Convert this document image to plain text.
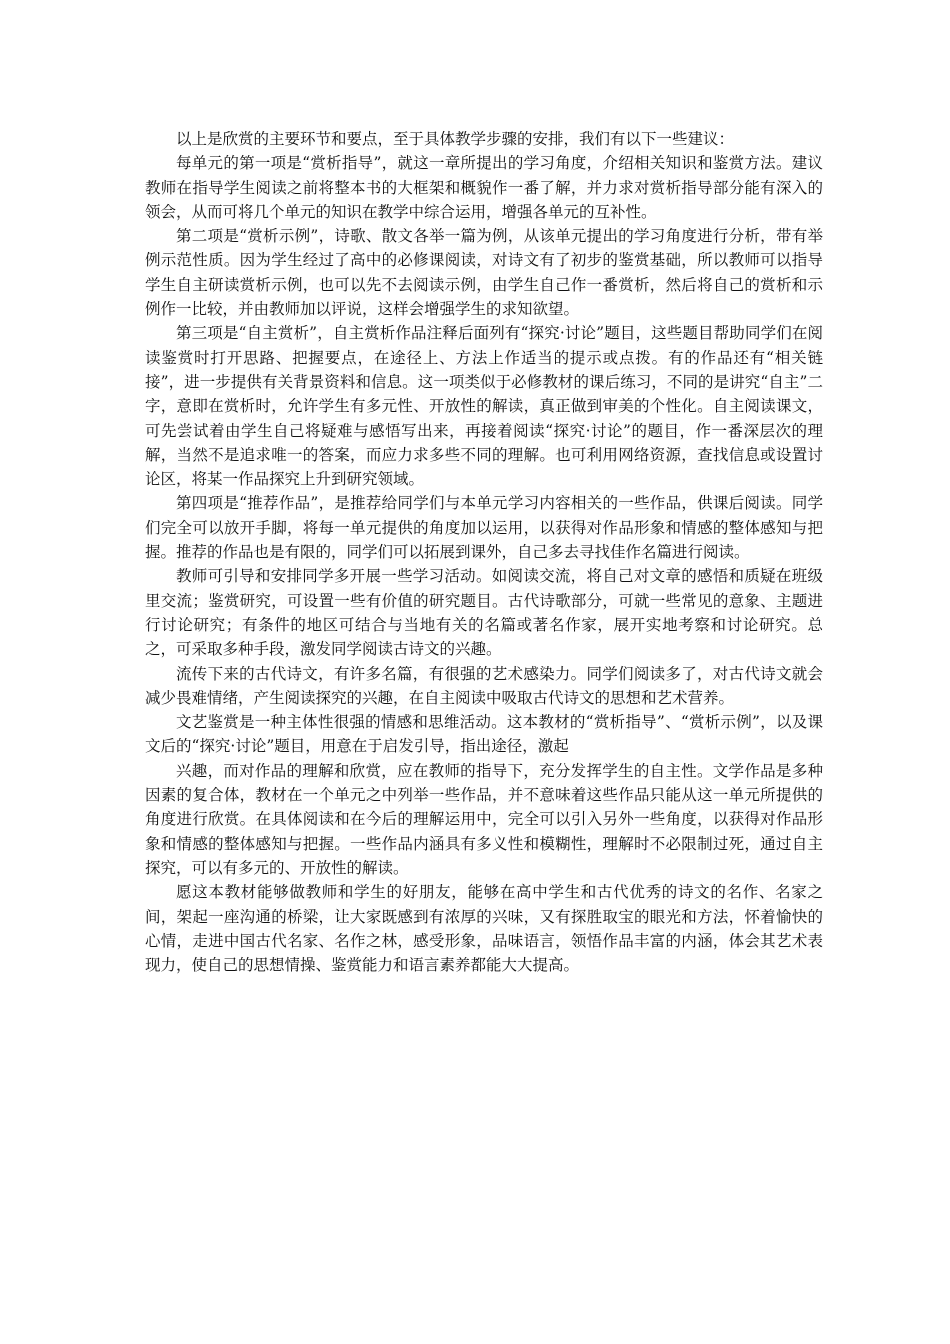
以上是欣赏的主要环节和要点，至于具体教学步骤的安排，我们有以下一些建议：

每单元的第一项是“赏析指导”，就这一章所提出的学习角度，介绍相关知识和鉴赏方法。建议教师在指导学生阅读之前将整本书的大框架和概貌作一番了解，并力求对赏析指导部分能有深入的领会，从而可将几个单元的知识在教学中综合运用，增强各单元的互补性。

第二项是“赏析示例”，诗歌、散文各举一篇为例，从该单元提出的学习角度进行分析，带有举例示范性质。因为学生经过了高中的必修课阅读，对诗文有了初步的鉴赏基础，所以教师可以指导学生自主研读赏析示例，也可以先不去阅读示例，由学生自己作一番赏析，然后将自己的赏析和示例作一比较，并由教师加以评说，这样会增强学生的求知欲望。

第三项是“自主赏析”，自主赏析作品注释后面列有“探究·讨论”题目，这些题目帮助同学们在阅读鉴赏时打开思路、把握要点，在途径上、方法上作适当的提示或点拨。有的作品还有“相关链接”，进一步提供有关背景资料和信息。这一项类似于必修教材的课后练习，不同的是讲究“自主”二字，意即在赏析时，允许学生有多元性、开放性的解读，真正做到审美的个性化。自主阅读课文，可先尝试着由学生自己将疑难与感悟写出来，再接着阅读“探究·讨论”的题目，作一番深层次的理解，当然不是追求唯一的答案，而应力求多些不同的理解。也可利用网络资源，查找信息或设置讨论区，将某一作品探究上升到研究领域。

第四项是“推荐作品”，是推荐给同学们与本单元学习内容相关的一些作品，供课后阅读。同学们完全可以放开手脚，将每一单元提供的角度加以运用，以获得对作品形象和情感的整体感知与把握。推荐的作品也是有限的，同学们可以拓展到课外，自己多去寻找佳作名篇进行阅读。

教师可引导和安排同学多开展一些学习活动。如阅读交流，将自己对文章的感悟和质疑在班级里交流；鉴赏研究，可设置一些有价值的研究题目。古代诗歌部分，可就一些常见的意象、主题进行讨论研究；有条件的地区可结合与当地有关的名篇或著名作家，展开实地考察和讨论研究。总之，可采取多种手段，激发同学阅读古诗文的兴趣。

流传下来的古代诗文，有许多名篇，有很强的艺术感染力。同学们阅读多了，对古代诗文就会减少畏难情绪，产生阅读探究的兴趣，在自主阅读中吸取古代诗文的思想和艺术营养。

文艺鉴赏是一种主体性很强的情感和思维活动。这本教材的“赏析指导”、“赏析示例”，以及课文后的“探究·讨论”题目，用意在于启发引导，指出途径，激起

兴趣，而对作品的理解和欣赏，应在教师的指导下，充分发挥学生的自主性。文学作品是多种因素的复合体，教材在一个单元之中列举一些作品，并不意味着这些作品只能从这一单元所提供的角度进行欣赏。在具体阅读和在今后的理解运用中，完全可以引入另外一些角度，以获得对作品形象和情感的整体感知与把握。一些作品内涵具有多义性和模糊性，理解时不必限制过死，通过自主探究，可以有多元的、开放性的解读。

愿这本教材能够做教师和学生的好朋友，能够在高中学生和古代优秀的诗文的名作、名家之间，架起一座沟通的桥梁，让大家既感到有浓厚的兴味，又有探胜取宝的眼光和方法，怀着愉快的心情，走进中国古代名家、名作之林，感受形象，品味语言，领悟作品丰富的内涵，体会其艺术表现力，使自己的思想情操、鉴赏能力和语言素养都能大大提高。
